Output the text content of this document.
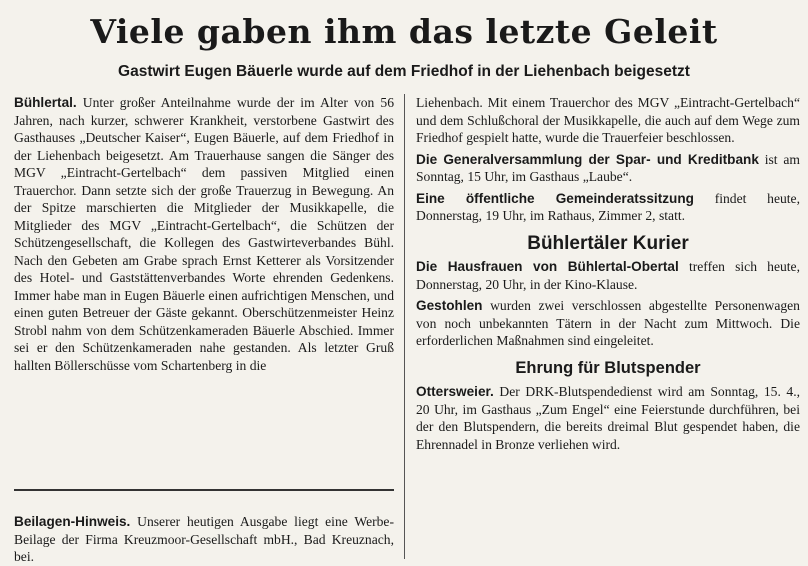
Viele gaben ihm das letzte Geleit
Gastwirt Eugen Bäuerle wurde auf dem Friedhof in der Liehenbach beigesetzt

Bühlertal. Unter großer Anteilnahme wurde der im Alter von 56 Jahren, nach kurzer, schwerer Krankheit, verstorbene Gastwirt des Gasthauses „Deutscher Kaiser“, Eugen Bäuerle, auf dem Friedhof in der Liehenbach beigesetzt. Am Trauerhause sangen die Sänger des MGV „Eintracht-Gertelbach“ dem passiven Mitglied einen Trauerchor. Dann setzte sich der große Trauerzug in Bewegung. An der Spitze marschierten die Mitglieder der Musikkapelle, die Mitglieder des MGV „Eintracht-Gertelbach“, die Schützen der Schützengesellschaft, die Kollegen des Gastwirteverbandes Bühl. Nach den Gebeten am Grabe sprach Ernst Ketterer als Vorsitzender des Hotel- und Gaststättenverbandes Worte ehrenden Gedenkens. Immer habe man in Eugen Bäuerle einen aufrichtigen Menschen, und einen guten Betreuer der Gäste gekannt. Oberschützenmeister Heinz Strobl nahm von dem Schützenkameraden Bäuerle Abschied. Immer sei er den Schützenkameraden nahe gestanden. Als letzter Gruß hallten Böllerschüsse vom Schartenberg in die

Beilagen-Hinweis. Unserer heutigen Ausgabe liegt eine Werbe-Beilage der Firma Kreuzmoor-Gesellschaft mbH., Bad Kreuznach, bei.

Liehenbach. Mit einem Trauerchor des MGV „Eintracht-Gertelbach“ und dem Schlußchoral der Musikkapelle, die auch auf dem Wege zum Friedhof gespielt hatte, wurde die Trauerfeier beschlossen.

Die Generalversammlung der Spar- und Kreditbank ist am Sonntag, 15 Uhr, im Gasthaus „Laube“.

Eine öffentliche Gemeinderatssitzung findet heute, Donnerstag, 19 Uhr, im Rathaus, Zimmer 2, statt.

Bühlertäler Kurier

Die Hausfrauen von Bühlertal-Obertal treffen sich heute, Donnerstag, 20 Uhr, in der Kino-Klause.

Gestohlen wurden zwei verschlossen abgestellte Personenwagen von noch unbekannten Tätern in der Nacht zum Mittwoch. Die erforderlichen Maßnahmen sind eingeleitet.

Ehrung für Blutspender

Ottersweier. Der DRK-Blutspendedienst wird am Sonntag, 15. 4., 20 Uhr, im Gasthaus „Zum Engel“ eine Feierstunde durchführen, bei der den Blutspendern, die bereits dreimal Blut gespendet haben, die Ehrennadel in Bronze verliehen wird.
